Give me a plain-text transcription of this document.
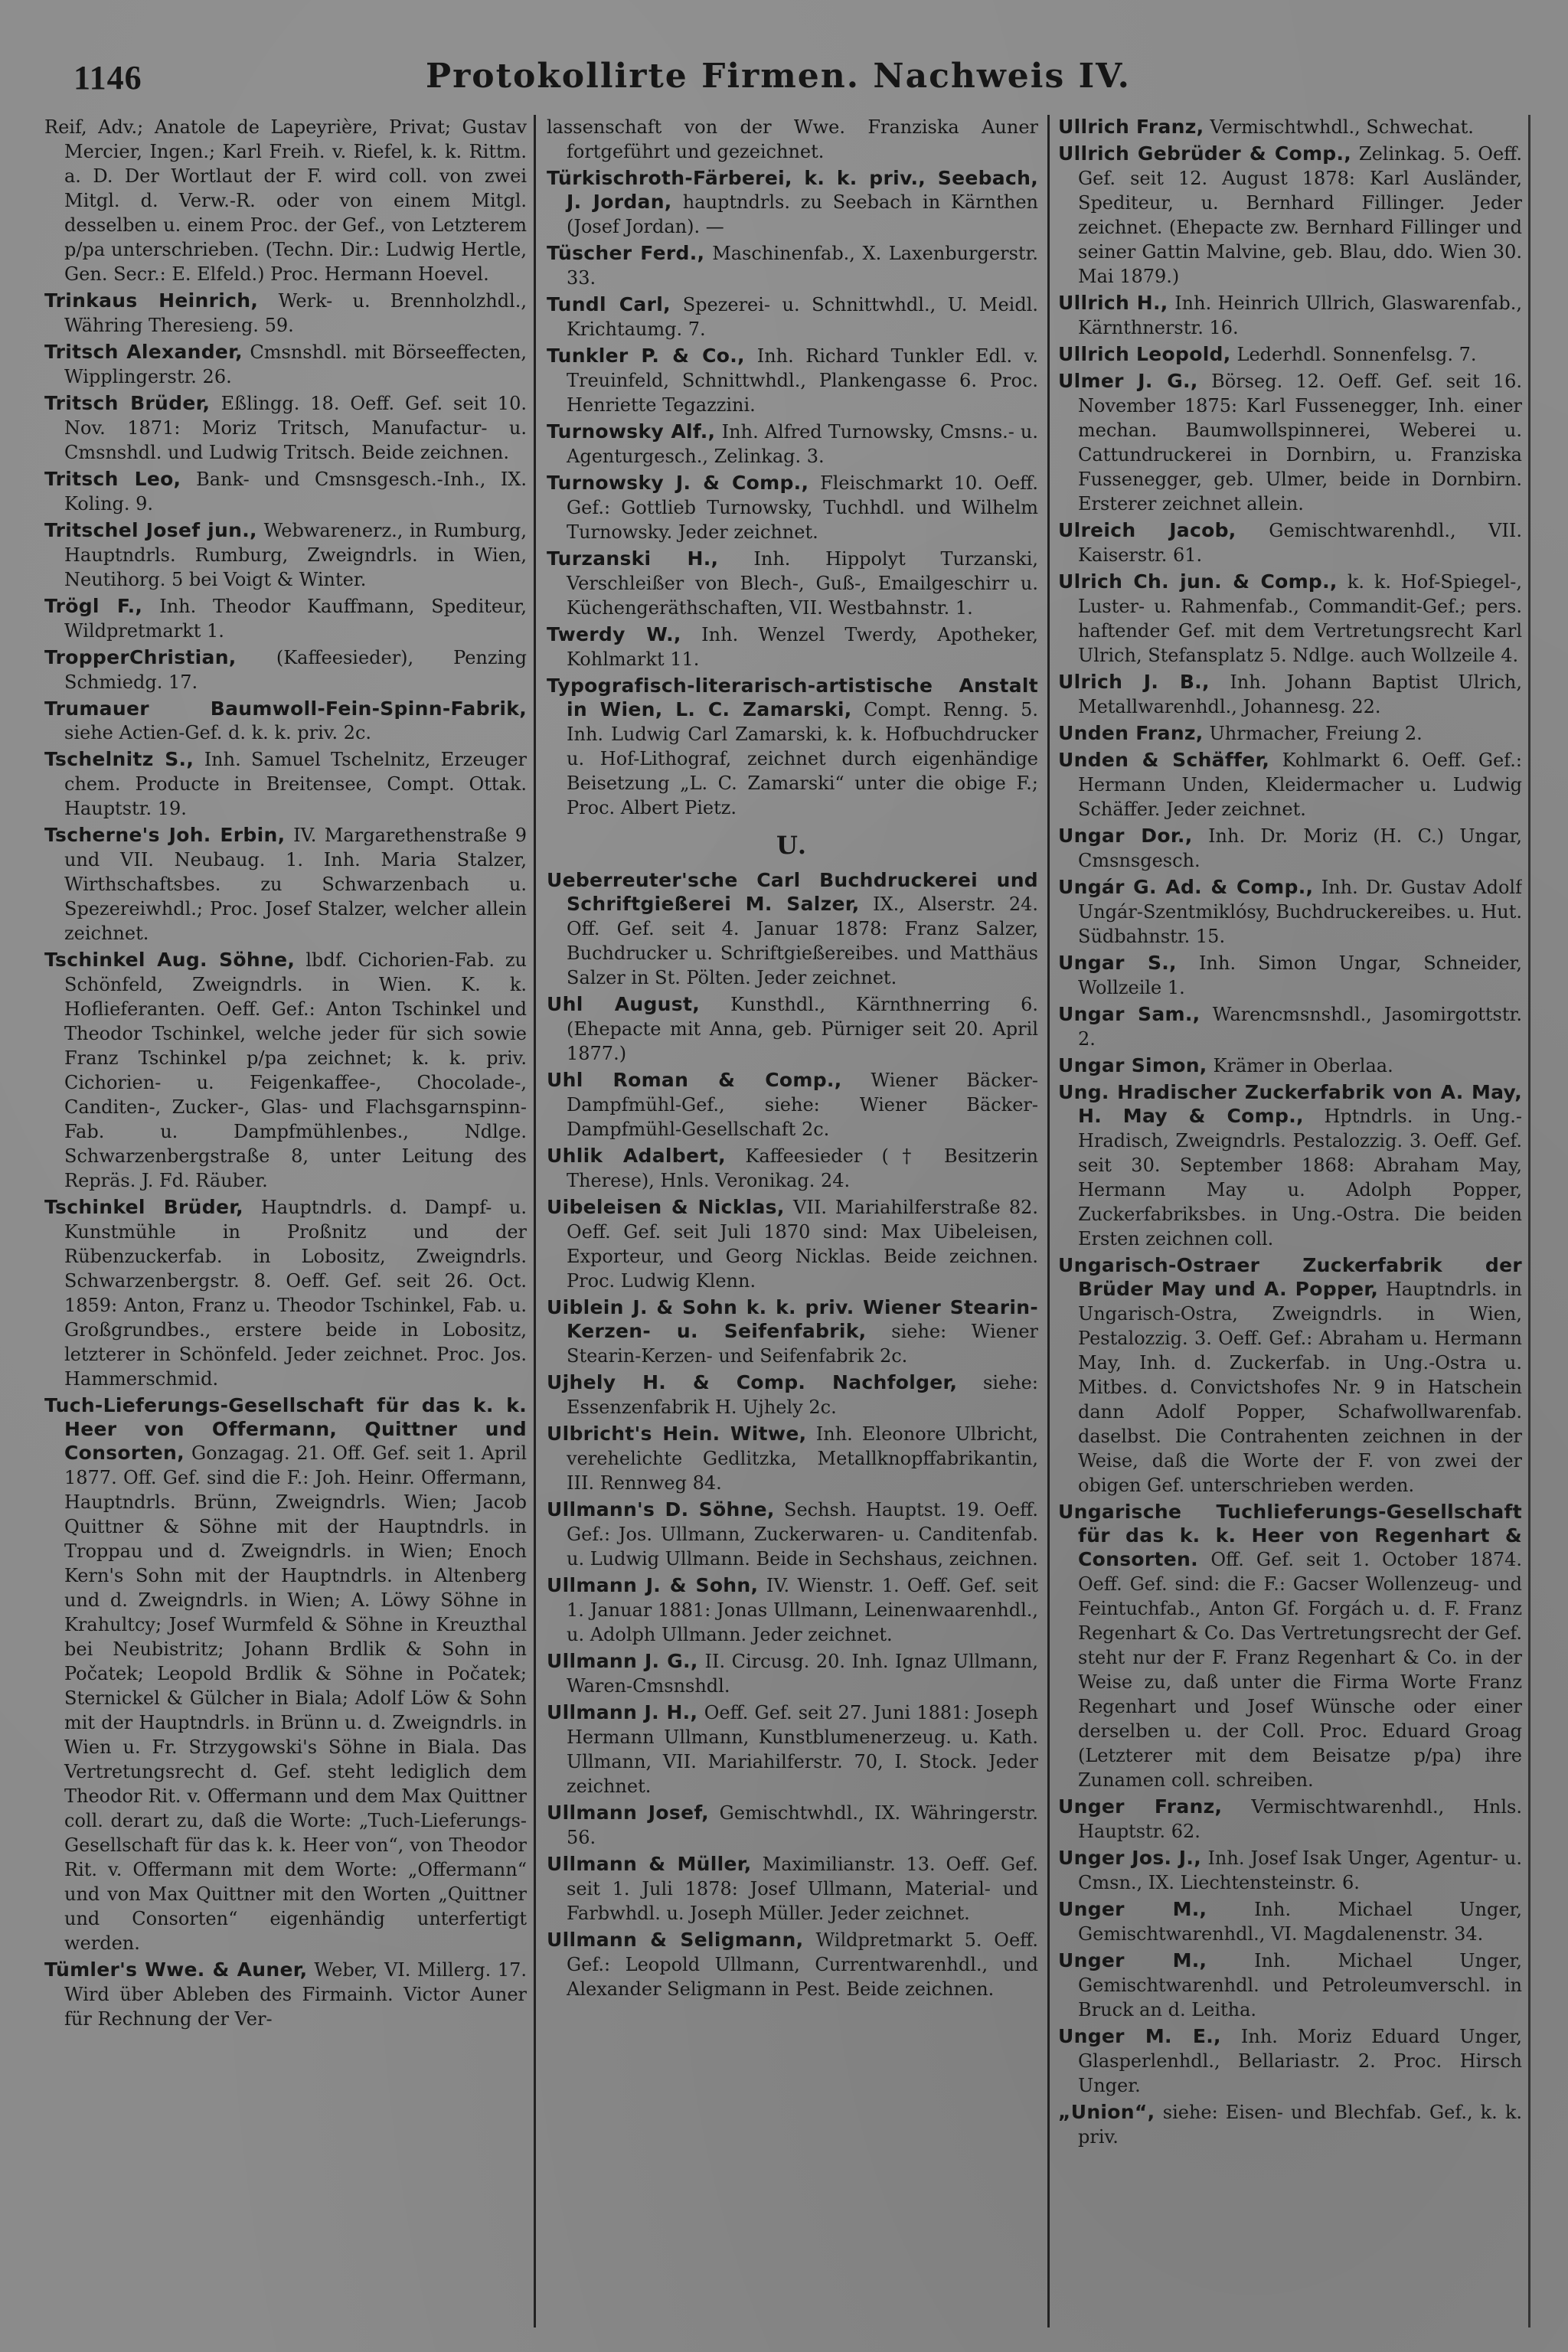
1146	Protokollirte Firmen. Nachweis IV.
Reif, Adv.; Anatole de Lapeyrière, Privat; Gustav Mercier, Ingen.; Karl Freih. v. Riefel, k. k. Rittm. a. D. Der Wortlaut der F. wird coll. von zwei Mitgl. d. Verw.-R. oder von einem Mitgl. desselben u. einem Proc. der Gef., von Letzterem p/pa unterschrieben. (Techn. Dir.: Ludwig Hertle, Gen. Secr.: E. Elfeld.) Proc. Hermann Hoevel.
Trinkaus Heinrich, Werk- u. Brennholzhdl., Währing Theresieng. 59.
Tritsch Alexander, Cmsnshdl. mit Börseeffecten, Wipplingerstr. 26.
Tritsch Brüder, Eßlingg. 18. Oeff. Gef. seit 10. Nov. 1871: Moriz Tritsch, Manufactur- u. Cmsnshdl. und Ludwig Tritsch. Beide zeichnen.
Tritsch Leo, Bank- und Cmsnsgesch.-Inh., IX. Koling. 9.
Tritschel Josef jun., Webwarenerz., in Rumburg, Hauptndrls. Rumburg, Zweigndrls. in Wien, Neutihorg. 5 bei Voigt & Winter.
Trögl F., Inh. Theodor Kauffmann, Spediteur, Wildpretmarkt 1.
TropperChristian, (Kaffeesieder), Penzing Schmiedg. 17.
Trumauer Baumwoll-Fein-Spinn-Fabrik, siehe Actien-Gef. d. k. k. priv. 2c.
Tschelnitz S., Inh. Samuel Tschelnitz, Erzeuger chem. Producte in Breitensee, Compt. Ottak. Hauptstr. 19.
Tscherne's Joh. Erbin, IV. Margarethenstraße 9 und VII. Neubaug. 1. Inh. Maria Stalzer, Wirthschaftsbes. zu Schwarzenbach u. Spezereiwhdl.; Proc. Josef Stalzer, welcher allein zeichnet.
Tschinkel Aug. Söhne, lbdf. Cichorien-Fab. zu Schönfeld, Zweigndrls. in Wien. K. k. Hoflieferanten. Oeff. Gef.: Anton Tschinkel und Theodor Tschinkel, welche jeder für sich sowie Franz Tschinkel p/pa zeichnet; k. k. priv. Cichorien- u. Feigenkaffee-, Chocolade-, Canditen-, Zucker-, Glas- und Flachsgarnspinn-Fab. u. Dampfmühlenbes., Ndlge. Schwarzenbergstraße 8, unter Leitung des Repräs. J. Fd. Räuber.
Tschinkel Brüder, Hauptndrls. d. Dampf- u. Kunstmühle in Proßnitz und der Rübenzuckerfab. in Lobositz, Zweigndrls. Schwarzenbergstr. 8. Oeff. Gef. seit 26. Oct. 1859: Anton, Franz u. Theodor Tschinkel, Fab. u. Großgrundbes., erstere beide in Lobositz, letzterer in Schönfeld. Jeder zeichnet. Proc. Jos. Hammerschmid.
Tuch-Lieferungs-Gesellschaft für das k. k. Heer von Offermann, Quittner und Consorten, Gonzagag. 21. Off. Gef. seit 1. April 1877. Off. Gef. sind die F.: Joh. Heinr. Offermann, Hauptndrls. Brünn, Zweigndrls. Wien; Jacob Quittner & Söhne mit der Hauptndrls. in Troppau und d. Zweigndrls. in Wien; Enoch Kern's Sohn mit der Hauptndrls. in Altenberg und d. Zweigndrls. in Wien; A. Löwy Söhne in Krahultcy; Josef Wurmfeld & Söhne in Kreuzthal bei Neubistritz; Johann Brdlik & Sohn in Počatek; Leopold Brdlik & Söhne in Počatek; Sternickel & Gülcher in Biala; Adolf Löw & Sohn mit der Hauptndrls. in Brünn u. d. Zweigndrls. in Wien u. Fr. Strzygowski's Söhne in Biala. Das Vertretungsrecht d. Gef. steht lediglich dem Theodor Rit. v. Offermann und dem Max Quittner coll. derart zu, daß die Worte: „Tuch-Lieferungs-Gesellschaft für das k. k. Heer von“, von Theodor Rit. v. Offermann mit dem Worte: „Offermann“ und von Max Quittner mit den Worten „Quittner und Consorten“ eigenhändig unterfertigt werden.
Tümler's Wwe. & Auner, Weber, VI. Millerg. 17. Wird über Ableben des Firmainh. Victor Auner für Rechnung der Ver-
lassenschaft von der Wwe. Franziska Auner fortgeführt und gezeichnet.
Türkischroth-Färberei, k. k. priv., Seebach, J. Jordan, hauptndrls. zu Seebach in Kärnthen (Josef Jordan). —
Tüscher Ferd., Maschinenfab., X. Laxenburgerstr. 33.
Tundl Carl, Spezerei- u. Schnittwhdl., U. Meidl. Krichtaumg. 7.
Tunkler P. & Co., Inh. Richard Tunkler Edl. v. Treuinfeld, Schnittwhdl., Plankengasse 6. Proc. Henriette Tegazzini.
Turnowsky Alf., Inh. Alfred Turnowsky, Cmsns.- u. Agenturgesch., Zelinkag. 3.
Turnowsky J. & Comp., Fleischmarkt 10. Oeff. Gef.: Gottlieb Turnowsky, Tuchhdl. und Wilhelm Turnowsky. Jeder zeichnet.
Turzanski H., Inh. Hippolyt Turzanski, Verschleißer von Blech-, Guß-, Emailgeschirr u. Küchengeräthschaften, VII. Westbahnstr. 1.
Twerdy W., Inh. Wenzel Twerdy, Apotheker, Kohlmarkt 11.
Typografisch-literarisch-artistische Anstalt in Wien, L. C. Zamarski, Compt. Renng. 5. Inh. Ludwig Carl Zamarski, k. k. Hofbuchdrucker u. Hof-Lithograf, zeichnet durch eigenhändige Beisetzung „L. C. Zamarski“ unter die obige F.; Proc. Albert Pietz.
U.
Ueberreuter'sche Carl Buchdruckerei und Schriftgießerei M. Salzer, IX., Alserstr. 24. Off. Gef. seit 4. Januar 1878: Franz Salzer, Buchdrucker u. Schriftgießereibes. und Matthäus Salzer in St. Pölten. Jeder zeichnet.
Uhl August, Kunsthdl., Kärnthnerring 6. (Ehepacte mit Anna, geb. Pürniger seit 20. April 1877.)
Uhl Roman & Comp., Wiener Bäcker-Dampfmühl-Gef., siehe: Wiener Bäcker-Dampfmühl-Gesellschaft 2c.
Uhlik Adalbert, Kaffeesieder († Besitzerin Therese), Hnls. Veronikag. 24.
Uibeleisen & Nicklas, VII. Mariahilferstraße 82. Oeff. Gef. seit Juli 1870 sind: Max Uibeleisen, Exporteur, und Georg Nicklas. Beide zeichnen. Proc. Ludwig Klenn.
Uiblein J. & Sohn k. k. priv. Wiener Stearin-Kerzen- u. Seifenfabrik, siehe: Wiener Stearin-Kerzen- und Seifenfabrik 2c.
Ujhely H. & Comp. Nachfolger, siehe: Essenzenfabrik H. Ujhely 2c.
Ulbricht's Hein. Witwe, Inh. Eleonore Ulbricht, verehelichte Gedlitzka, Metallknopffabrikantin, III. Rennweg 84.
Ullmann's D. Söhne, Sechsh. Hauptst. 19. Oeff. Gef.: Jos. Ullmann, Zuckerwaren- u. Canditenfab. u. Ludwig Ullmann. Beide in Sechshaus, zeichnen.
Ullmann J. & Sohn, IV. Wienstr. 1. Oeff. Gef. seit 1. Januar 1881: Jonas Ullmann, Leinenwaarenhdl., u. Adolph Ullmann. Jeder zeichnet.
Ullmann J. G., II. Circusg. 20. Inh. Ignaz Ullmann, Waren-Cmsnshdl.
Ullmann J. H., Oeff. Gef. seit 27. Juni 1881: Joseph Hermann Ullmann, Kunstblumenerzeug. u. Kath. Ullmann, VII. Mariahilferstr. 70, I. Stock. Jeder zeichnet.
Ullmann Josef, Gemischtwhdl., IX. Währingerstr. 56.
Ullmann & Müller, Maximilianstr. 13. Oeff. Gef. seit 1. Juli 1878: Josef Ullmann, Material- und Farbwhdl. u. Joseph Müller. Jeder zeichnet.
Ullmann & Seligmann, Wildpretmarkt 5. Oeff. Gef.: Leopold Ullmann, Currentwarenhdl., und Alexander Seligmann in Pest. Beide zeichnen.
Ullrich Franz, Vermischtwhdl., Schwechat.
Ullrich Gebrüder & Comp., Zelinkag. 5. Oeff. Gef. seit 12. August 1878: Karl Ausländer, Spediteur, u. Bernhard Fillinger. Jeder zeichnet. (Ehepacte zw. Bernhard Fillinger und seiner Gattin Malvine, geb. Blau, ddo. Wien 30. Mai 1879.)
Ullrich H., Inh. Heinrich Ullrich, Glaswarenfab., Kärnthnerstr. 16.
Ullrich Leopold, Lederhdl. Sonnenfelsg. 7.
Ulmer J. G., Börseg. 12. Oeff. Gef. seit 16. November 1875: Karl Fussenegger, Inh. einer mechan. Baumwollspinnerei, Weberei u. Cattundruckerei in Dornbirn, u. Franziska Fussenegger, geb. Ulmer, beide in Dornbirn. Ersterer zeichnet allein.
Ulreich Jacob, Gemischtwarenhdl., VII. Kaiserstr. 61.
Ulrich Ch. jun. & Comp., k. k. Hof-Spiegel-, Luster- u. Rahmenfab., Commandit-Gef.; pers. haftender Gef. mit dem Vertretungsrecht Karl Ulrich, Stefansplatz 5. Ndlge. auch Wollzeile 4.
Ulrich J. B., Inh. Johann Baptist Ulrich, Metallwarenhdl., Johannesg. 22.
Unden Franz, Uhrmacher, Freiung 2.
Unden & Schäffer, Kohlmarkt 6. Oeff. Gef.: Hermann Unden, Kleidermacher u. Ludwig Schäffer. Jeder zeichnet.
Ungar Dor., Inh. Dr. Moriz (H. C.) Ungar, Cmsnsgesch.
Ungár G. Ad. & Comp., Inh. Dr. Gustav Adolf Ungár-Szentmiklósy, Buchdruckereibes. u. Hut. Südbahnstr. 15.
Ungar S., Inh. Simon Ungar, Schneider, Wollzeile 1.
Ungar Sam., Warencmsnshdl., Jasomirgottstr. 2.
Ungar Simon, Krämer in Oberlaa.
Ung. Hradischer Zuckerfabrik von A. May, H. May & Comp., Hptndrls. in Ung.-Hradisch, Zweigndrls. Pestalozzig. 3. Oeff. Gef. seit 30. September 1868: Abraham May, Hermann May u. Adolph Popper, Zuckerfabriksbes. in Ung.-Ostra. Die beiden Ersten zeichnen coll.
Ungarisch-Ostraer Zuckerfabrik der Brüder May und A. Popper, Hauptndrls. in Ungarisch-Ostra, Zweigndrls. in Wien, Pestalozzig. 3. Oeff. Gef.: Abraham u. Hermann May, Inh. d. Zuckerfab. in Ung.-Ostra u. Mitbes. d. Convictshofes Nr. 9 in Hatschein dann Adolf Popper, Schafwollwarenfab. daselbst. Die Contrahenten zeichnen in der Weise, daß die Worte der F. von zwei der obigen Gef. unterschrieben werden.
Ungarische Tuchlieferungs-Gesellschaft für das k. k. Heer von Regenhart & Consorten. Off. Gef. seit 1. October 1874. Oeff. Gef. sind: die F.: Gacser Wollenzeug- und Feintuchfab., Anton Gf. Forgách u. d. F. Franz Regenhart & Co. Das Vertretungsrecht der Gef. steht nur der F. Franz Regenhart & Co. in der Weise zu, daß unter die Firma Worte Franz Regenhart und Josef Wünsche oder einer derselben u. der Coll. Proc. Eduard Groag (Letzterer mit dem Beisatze p/pa) ihre Zunamen coll. schreiben.
Unger Franz, Vermischtwarenhdl., Hnls. Hauptstr. 62.
Unger Jos. J., Inh. Josef Isak Unger, Agentur- u. Cmsn., IX. Liechtensteinstr. 6.
Unger M.,	Inh. Michael Unger, Gemischtwarenhdl., VI. Magdalenenstr. 34.
Unger M.,	Inh. Michael Unger, Gemischtwarenhdl. und Petroleumverschl. in Bruck an d. Leitha.
Unger M. E., Inh. Moriz Eduard Unger, Glasperlenhdl., Bellariastr. 2. Proc. Hirsch Unger.
„Union“, siehe: Eisen- und Blechfab. Gef., k. k. priv.
